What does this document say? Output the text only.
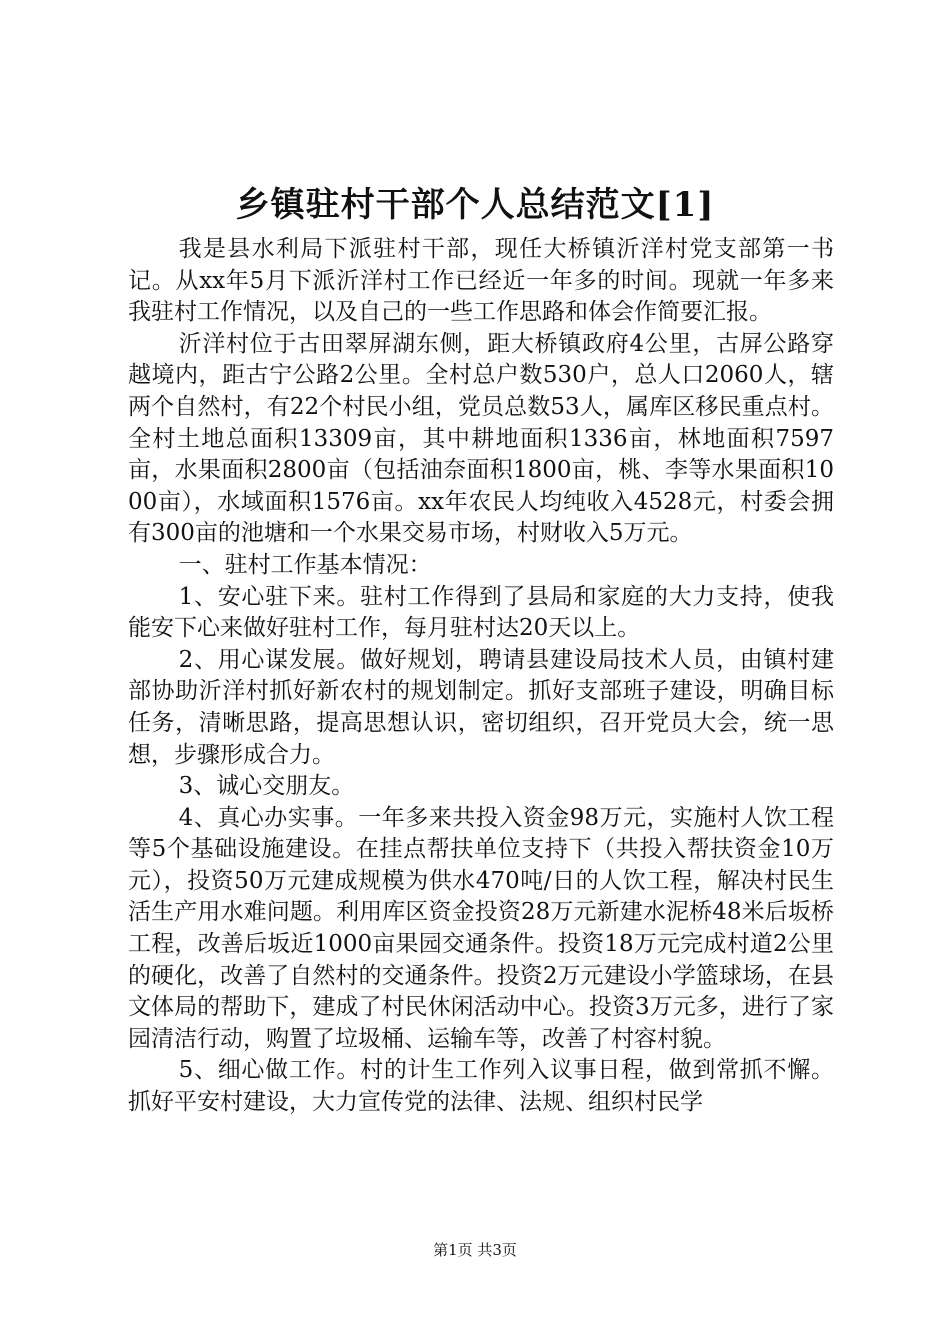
乡镇驻村干部个人总结范文[1]

我是县水利局下派驻村干部，现任大桥镇沂洋村党支部第一书记。从xx年5月下派沂洋村工作已经近一年多的时间。现就一年多来我驻村工作情况，以及自己的一些工作思路和体会作简要汇报。

沂洋村位于古田翠屏湖东侧，距大桥镇政府4公里，古屏公路穿越境内，距古宁公路2公里。全村总户数530户，总人口2060人，辖两个自然村，有22个村民小组，党员总数53人，属库区移民重点村。全村土地总面积13309亩，其中耕地面积1336亩，林地面积7597亩，水果面积2800亩（包括油奈面积1800亩，桃、李等水果面积1000亩），水域面积1576亩。xx年农民人均纯收入4528元，村委会拥有300亩的池塘和一个水果交易市场，村财收入5万元。

一、驻村工作基本情况：

1、安心驻下来。驻村工作得到了县局和家庭的大力支持，使我能安下心来做好驻村工作，每月驻村达20天以上。

2、用心谋发展。做好规划，聘请县建设局技术人员，由镇村建部协助沂洋村抓好新农村的规划制定。抓好支部班子建设，明确目标任务，清晰思路，提高思想认识，密切组织，召开党员大会，统一思想，步骤形成合力。

3、诚心交朋友。

4、真心办实事。一年多来共投入资金98万元，实施村人饮工程等5个基础设施建设。在挂点帮扶单位支持下（共投入帮扶资金10万元），投资50万元建成规模为供水470吨/日的人饮工程，解决村民生活生产用水难问题。利用库区资金投资28万元新建水泥桥48米后坂桥工程，改善后坂近1000亩果园交通条件。投资18万元完成村道2公里的硬化，改善了自然村的交通条件。投资2万元建设小学篮球场，在县文体局的帮助下，建成了村民休闲活动中心。投资3万元多，进行了家园清洁行动，购置了垃圾桶、运输车等，改善了村容村貌。

5、细心做工作。村的计生工作列入议事日程，做到常抓不懈。抓好平安村建设，大力宣传党的法律、法规、组织村民学

第1页 共3页
